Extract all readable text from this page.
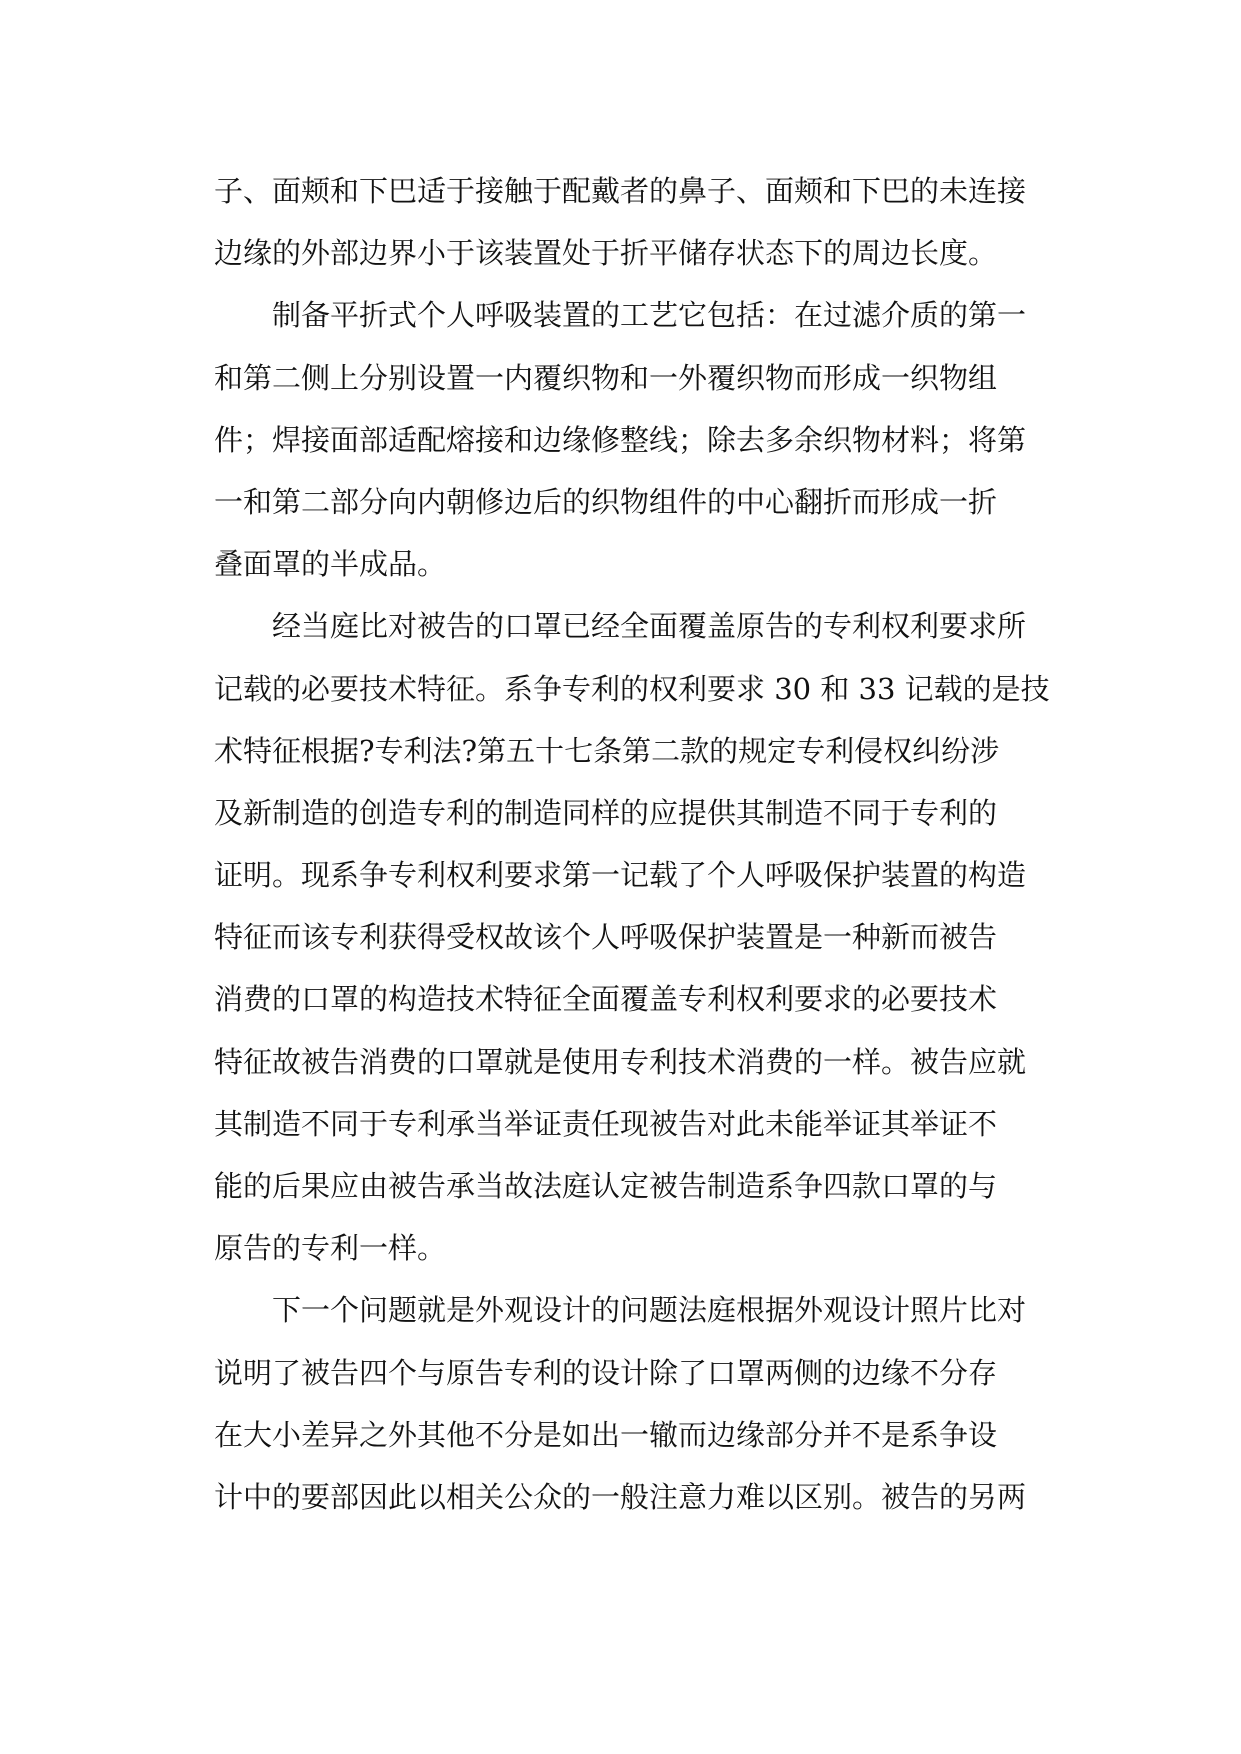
子、面颊和下巴适于接触于配戴者的鼻子、面颊和下巴的未连接
边缘的外部边界小于该装置处于折平储存状态下的周边长度。
制备平折式个人呼吸装置的工艺它包括：在过滤介质的第一
和第二侧上分别设置一内覆织物和一外覆织物而形成一织物组
件；焊接面部适配熔接和边缘修整线；除去多余织物材料；将第
一和第二部分向内朝修边后的织物组件的中心翻折而形成一折
叠面罩的半成品。
经当庭比对被告的口罩已经全面覆盖原告的专利权利要求所
记载的必要技术特征。系争专利的权利要求 30 和 33 记载的是技
术特征根据?专利法?第五十七条第二款的规定专利侵权纠纷涉
及新制造的创造专利的制造同样的应提供其制造不同于专利的
证明。现系争专利权利要求第一记载了个人呼吸保护装置的构造
特征而该专利获得受权故该个人呼吸保护装置是一种新而被告
消费的口罩的构造技术特征全面覆盖专利权利要求的必要技术
特征故被告消费的口罩就是使用专利技术消费的一样。被告应就
其制造不同于专利承当举证责任现被告对此未能举证其举证不
能的后果应由被告承当故法庭认定被告制造系争四款口罩的与
原告的专利一样。
下一个问题就是外观设计的问题法庭根据外观设计照片比对
说明了被告四个与原告专利的设计除了口罩两侧的边缘不分存
在大小差异之外其他不分是如出一辙而边缘部分并不是系争设
计中的要部因此以相关公众的一般注意力难以区别。被告的另两
